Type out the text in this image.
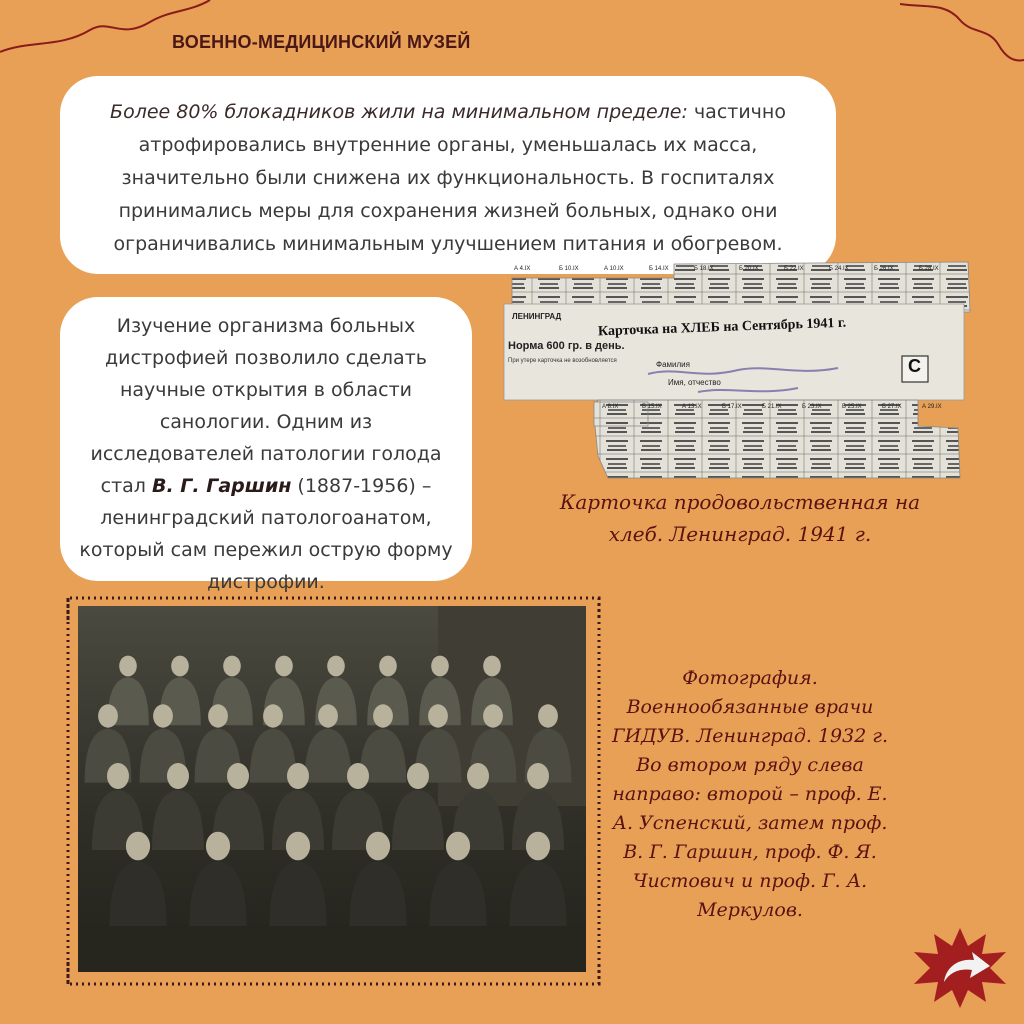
ВОЕННО-МЕДИЦИНСКИЙ МУЗЕЙ
Более 80% блокадников жили на минимальном пределе: частично атрофировались внутренние органы, уменьшалась их масса, значительно были снижена их функциональность. В госпиталях принимались меры для сохранения жизней больных, однако они ограничивались минимальным улучшением питания и обогревом.
Изучение организма больных дистрофией позволило сделать научные открытия в области санологии. Одним из исследователей патологии голода стал В. Г. Гаршин (1887-1956) – ленинградский патологоанатом, который сам пережил острую форму дистрофии.
ЛЕНИНГРАД	Карточка на ХЛЕБ на Сентябрь 1941 г.
Норма 600 гр. в день.
При утере карточка не возобновляется	Фамилия
Имя, отчество
С
А 4.IX	Б 10.IX	А 10.IX	Б 14.IX	Б 18.IX	Б 20.IX	Б 22.IX	Б 24.IX	Б 26.IX	Б 28.IX
А 8.IX	Б 15.IX	А 13.IX	Б 17.IX	Б 21.IX	Б 23.IX	Б 25.IX	Б 27.IX	А 29.IX
Карточка продовольственная на хлеб. Ленинград. 1941 г.
Фотография. Военнообязанные врачи ГИДУВ. Ленинград. 1932 г. Во втором ряду слева направо: второй – проф. Е. А. Успенский, затем проф. В. Г. Гаршин, проф. Ф. Я. Чистович и проф. Г. А. Меркулов.
